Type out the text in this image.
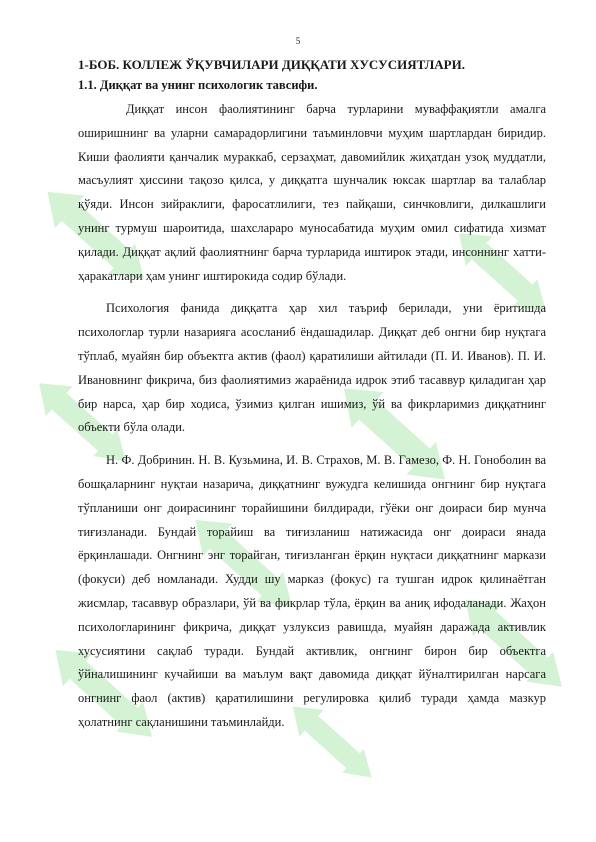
5
1-БОБ. КОЛЛЕЖ ЎҚУВЧИЛАРИ ДИҚҚАТИ ХУСУСИЯТЛАРИ.
1.1. Диққат ва унинг психологик тавсифи.

Диққат инсон фаолиятининг барча турларини муваффақиятли амалга оширишнинг ва уларни самарадорлигини таъминловчи муҳим шартлардан биридир. Киши фаолияти қанчалик мураккаб, серзаҳмат, давомийлик жиҳатдан узоқ муддатли, масъулият ҳиссини тақозо қилса, у диққатга шунчалик юксак шартлар ва талаблар қўяди. Инсон зийраклиги, фаросатлилиги, тез пайқаши, синчковлиги, дилкашлиги унинг турмуш шароитида, шахслараро муносабатида муҳим омил сифатида хизмат қилади. Диққат ақлий фаолиятнинг барча турларида иштирок этади, инсоннинг хатти-ҳаракатлари ҳам унинг иштирокида содир бўлади.

Психология фанида диққатга ҳар хил таъриф берилади, уни ёритишда психологлар турли назарияга асосланиб ёндашадилар. Диққат деб онгни бир нуқтага тўплаб, муайян бир объектга актив (фаол) қаратилиши айтилади (П. И. Иванов). П. И. Ивановнинг фикрича, биз фаолиятимиз жараёнида идрок этиб тасаввур қиладиган ҳар бир нарса, ҳар бир ходиса, ўзимиз қилган ишимиз, ўй ва фикрларимиз диққатнинг объекти бўла олади.

Н. Ф. Добринин. Н. В. Кузьмина, И. В. Страхов, М. В. Гамезо, Ф. Н. Гоноболин ва бошқаларнинг нуқтаи назарича, диққатнинг вужудга келишида онгнинг бир нуқтага тўпланиши онг доирасининг торайишини билдиради, гўёки онг доираси бир мунча тиғизланади. Бундай торайиш ва тиғизланиш натижасида онг доираси янада ёрқинлашади. Онгнинг энг торайган, тиғизланган ёрқин нуқтаси диққатнинг маркази (фокуси) деб номланади. Худди шу марказ (фокус) га тушган идрок қилинаётган жисмлар, тасаввур образлари, ўй ва фикрлар тўла, ёрқин ва аниқ ифодаланади. Жаҳон психологларининг фикрича, диққат узлуксиз равишда, муайян даражада активлик хусусиятини сақлаб туради. Бундай активлик, онгнинг бирон бир объектга ўйналишининг кучайиши ва маълум вақт давомида диққат йўналтирилган нарсага онгнинг фаол (актив) қаратилишини регулировка қилиб туради ҳамда мазкур ҳолатнинг сақланишини таъминлайди.
